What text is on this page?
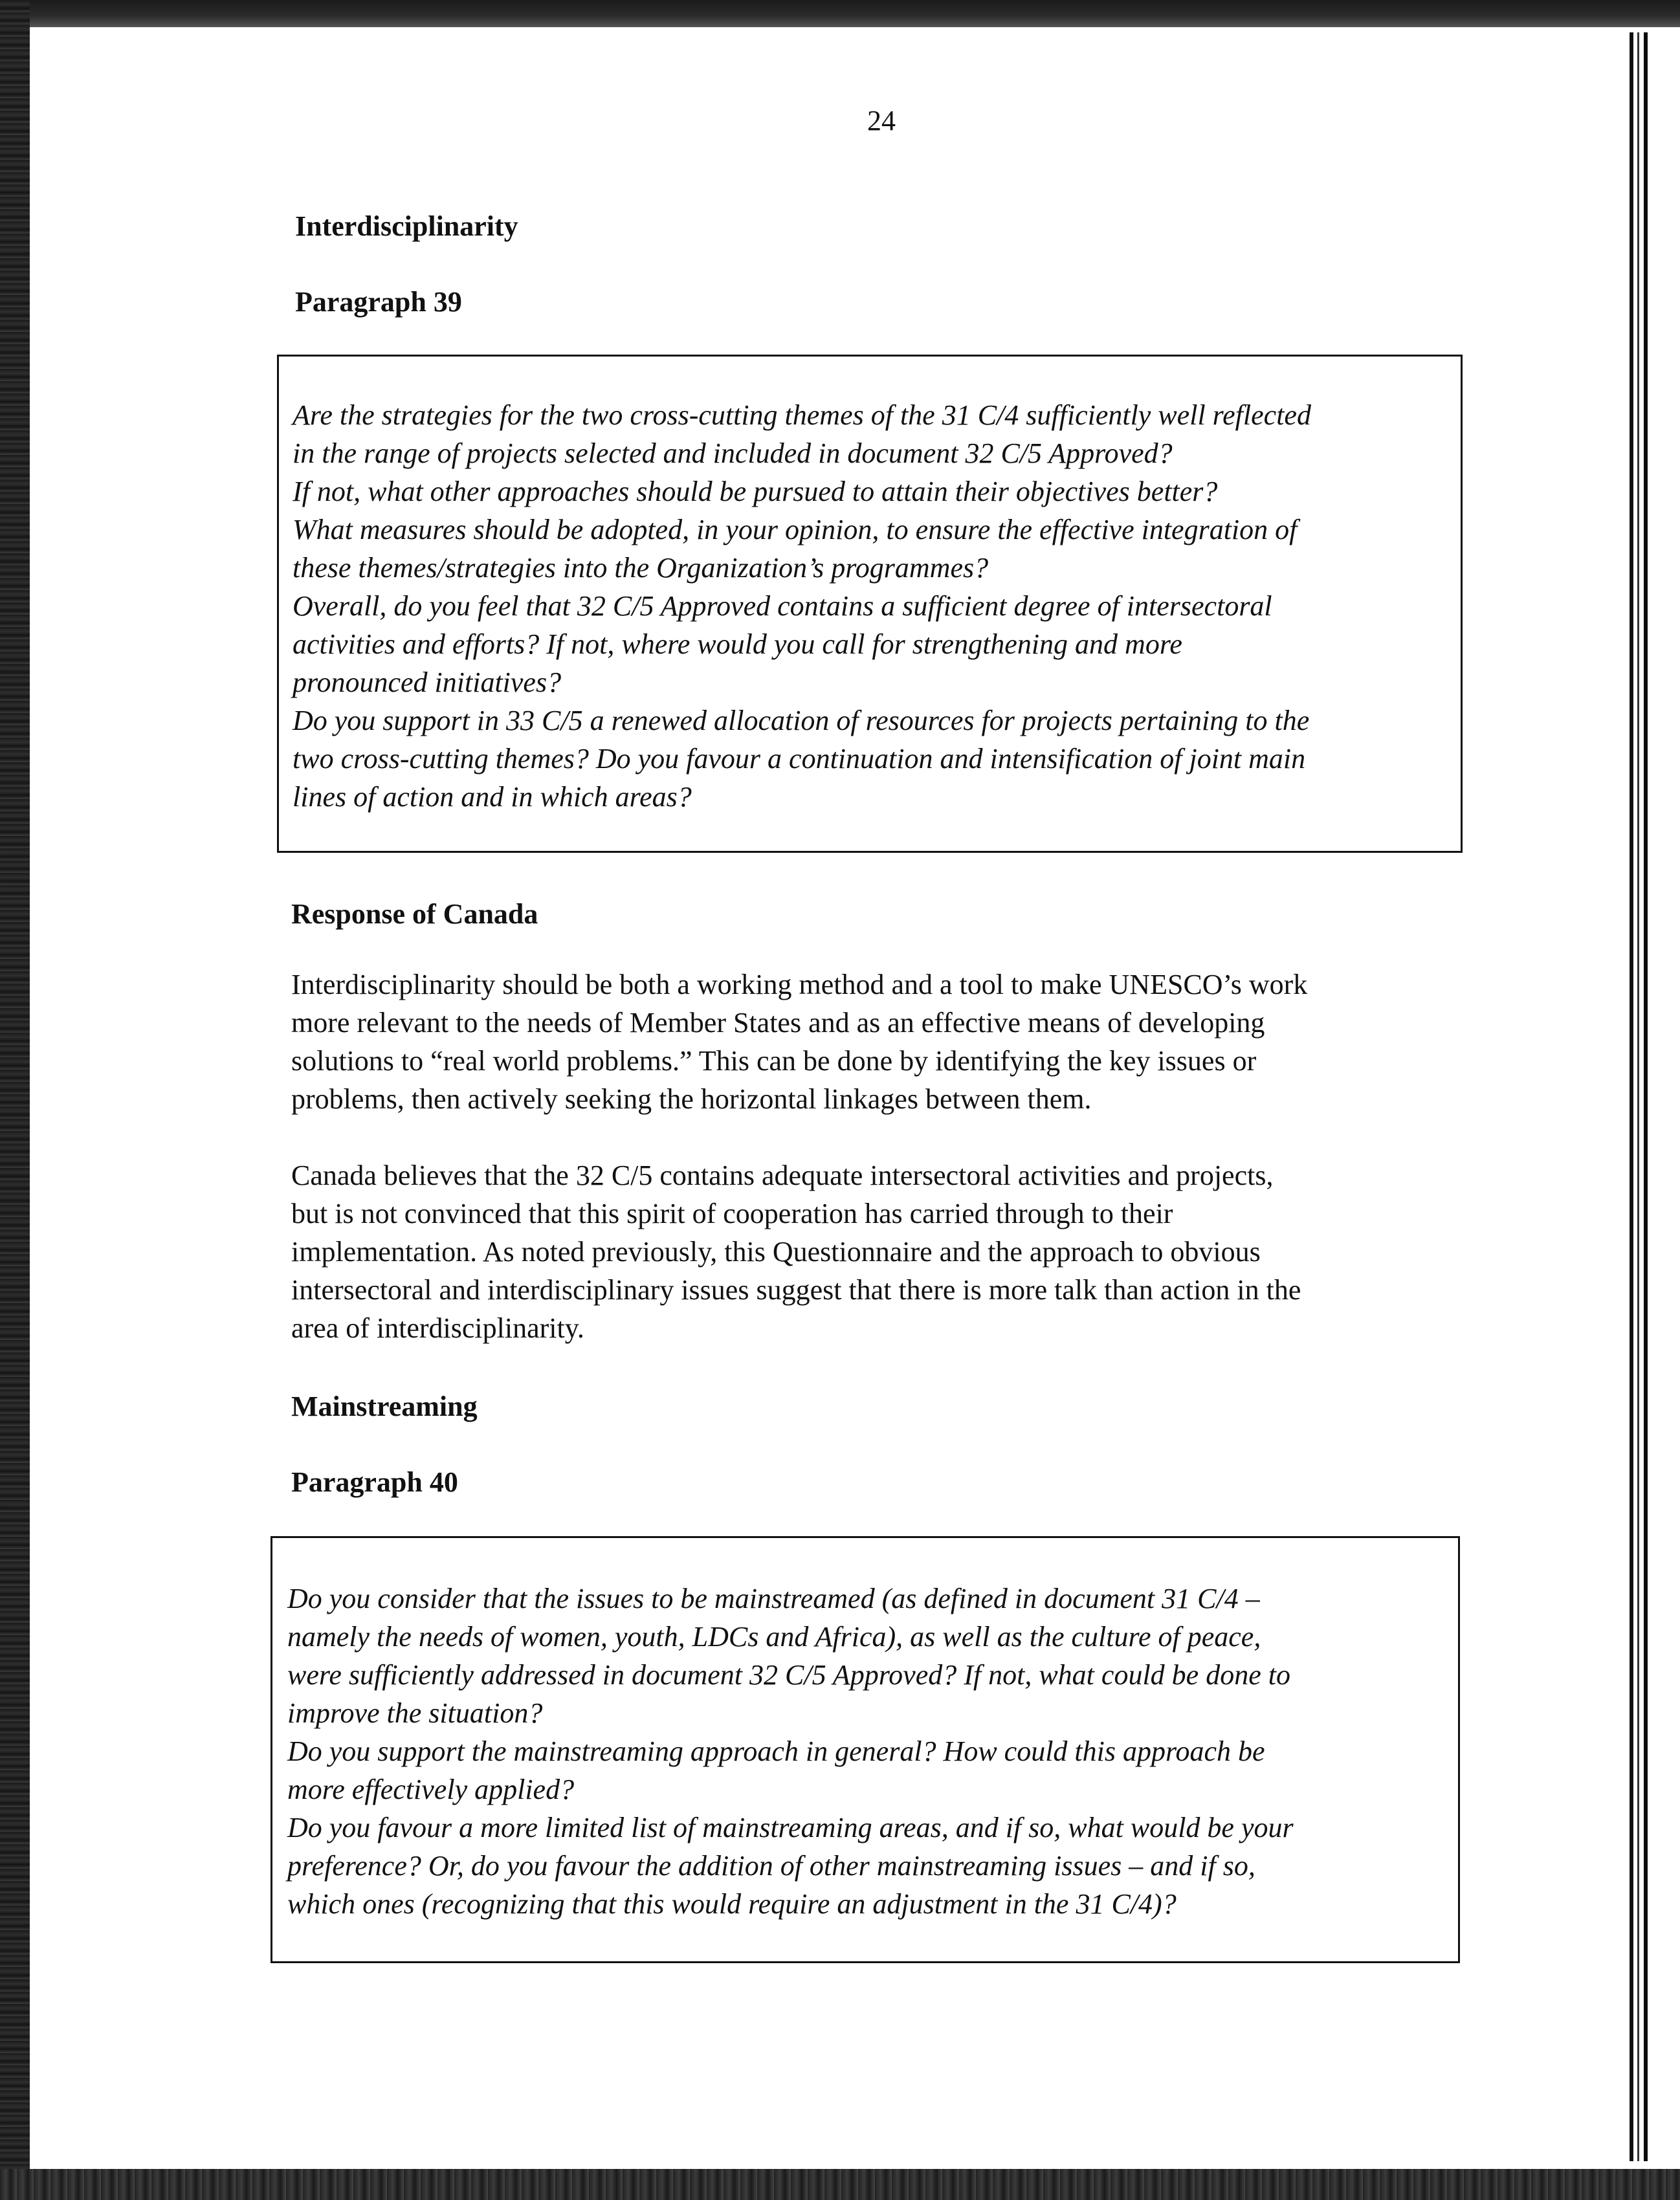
24
Interdisciplinarity
Paragraph 39
Are the strategies for the two cross-cutting themes of the 31 C/4 sufficiently well reflected
in the range of projects selected and included in document 32 C/5 Approved?
If not, what other approaches should be pursued to attain their objectives better?
What measures should be adopted, in your opinion, to ensure the effective integration of
these themes/strategies into the Organization’s programmes?
Overall, do you feel that 32 C/5 Approved contains a sufficient degree of intersectoral
activities and efforts? If not, where would you call for strengthening and more
pronounced initiatives?
Do you support in 33 C/5 a renewed allocation of resources for projects pertaining to the
two cross-cutting themes? Do you favour a continuation and intensification of joint main
lines of action and in which areas?
Response of Canada
Interdisciplinarity should be both a working method and a tool to make UNESCO’s work
more relevant to the needs of Member States and as an effective means of developing
solutions to “real world problems.” This can be done by identifying the key issues or
problems, then actively seeking the horizontal linkages between them.
Canada believes that the 32 C/5 contains adequate intersectoral activities and projects,
but is not convinced that this spirit of cooperation has carried through to their
implementation. As noted previously, this Questionnaire and the approach to obvious
intersectoral and interdisciplinary issues suggest that there is more talk than action in the
area of interdisciplinarity.
Mainstreaming
Paragraph 40
Do you consider that the issues to be mainstreamed (as defined in document 31 C/4 –
namely the needs of women, youth, LDCs and Africa), as well as the culture of peace,
were sufficiently addressed in document 32 C/5 Approved? If not, what could be done to
improve the situation?
Do you support the mainstreaming approach in general? How could this approach be
more effectively applied?
Do you favour a more limited list of mainstreaming areas, and if so, what would be your
preference? Or, do you favour the addition of other mainstreaming issues – and if so,
which ones (recognizing that this would require an adjustment in the 31 C/4)?
